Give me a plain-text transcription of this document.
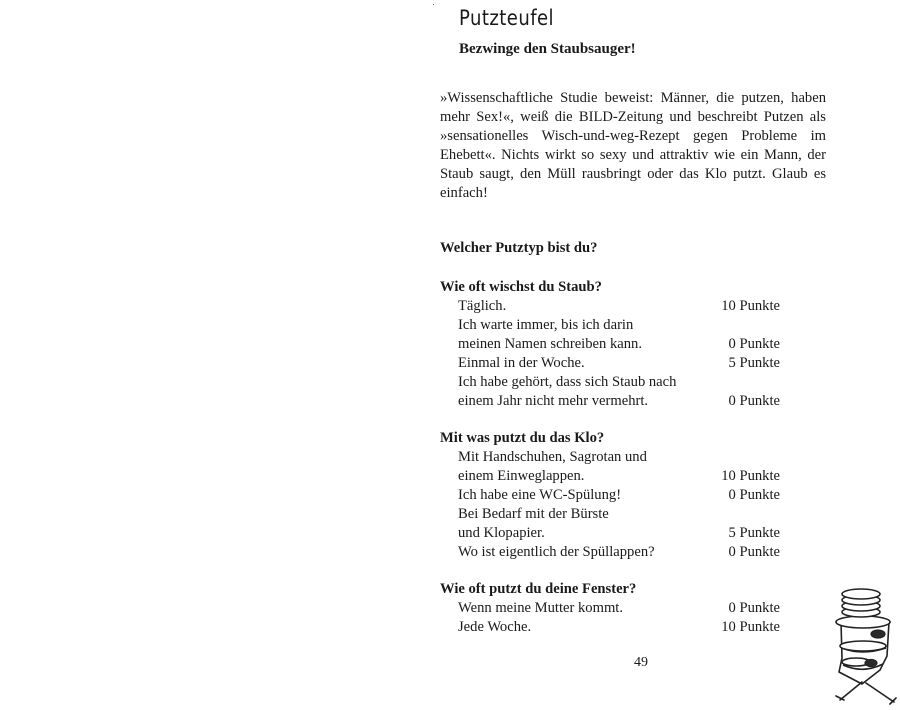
Putzteufel
Bezwinge den Staubsauger!

»Wissenschaftliche Studie beweist: Männer, die putzen, haben mehr Sex!«, weiß die BILD-Zeitung und beschreibt Putzen als »sensationelles Wisch-und-weg-Rezept gegen Probleme im Ehebett«. Nichts wirkt so sexy und attraktiv wie ein Mann, der Staub saugt, den Müll rausbringt oder das Klo putzt. Glaub es einfach!

Welcher Putztyp bist du?
Wie oft wischst du Staub?
Täglich.	10 Punkte
Ich warte immer, bis ich darin
meinen Namen schreiben kann.	0 Punkte
Einmal in der Woche.	5 Punkte
Ich habe gehört, dass sich Staub nach
einem Jahr nicht mehr vermehrt.	0 Punkte
Mit was putzt du das Klo?
Mit Handschuhen, Sagrotan und
einem Einweglappen.	10 Punkte
Ich habe eine WC-Spülung!	0 Punkte
Bei Bedarf mit der Bürste
und Klopapier.	5 Punkte
Wo ist eigentlich der Spüllappen?	0 Punkte
Wie oft putzt du deine Fenster?
Wenn meine Mutter kommt.	0 Punkte
Jede Woche.	10 Punkte
49
